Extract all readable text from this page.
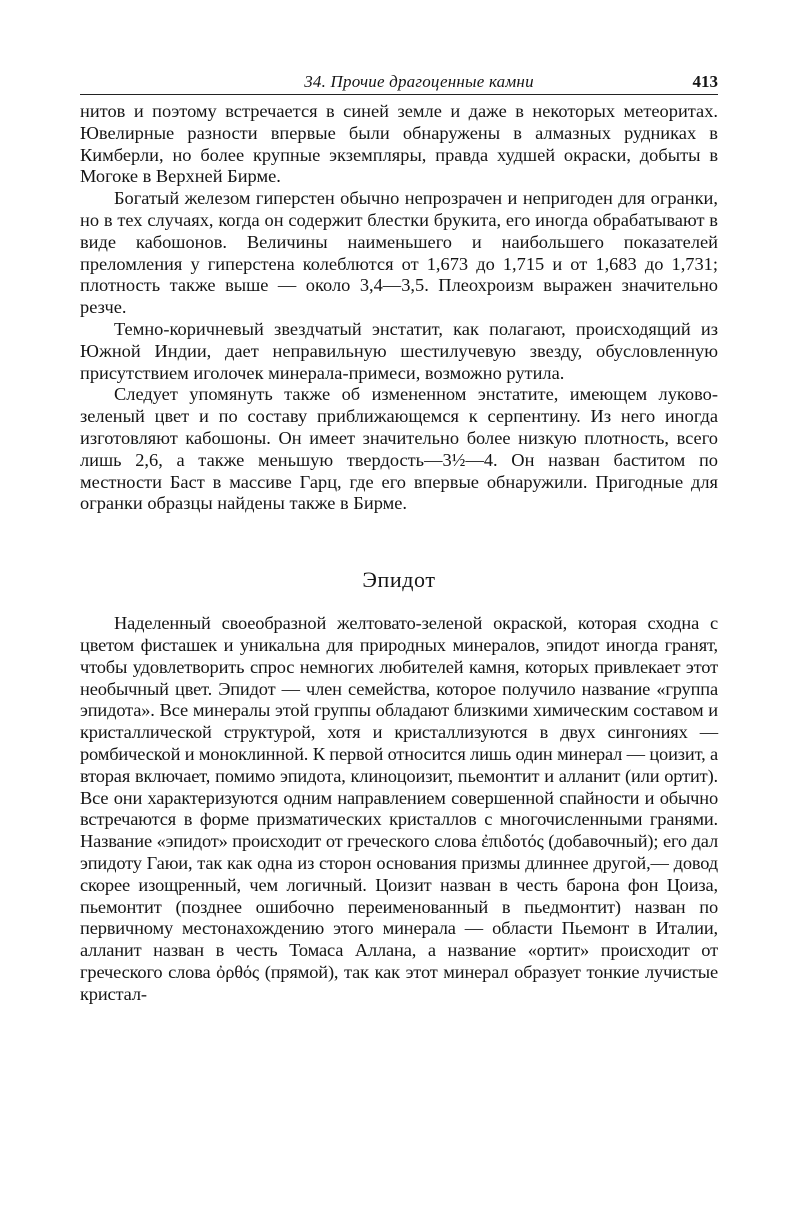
34. Прочие драгоценные камни	413

нитов и поэтому встречается в синей земле и даже в некоторых метеоритах. Ювелирные разности впервые были обнаружены в алмазных рудниках в Кимберли, но более крупные экземпляры, правда худшей окраски, добыты в Могоке в Верхней Бирме.

Богатый железом гиперстен обычно непрозрачен и непригоден для огранки, но в тех случаях, когда он содержит блестки брукита, его иногда обрабатывают в виде кабошонов. Величины наименьшего и наибольшего показателей преломления у гиперстена колеблются от 1,673 до 1,715 и от 1,683 до 1,731; плотность также выше — около 3,4—3,5. Плеохроизм выражен значительно резче.

Темно-коричневый звездчатый энстатит, как полагают, происходящий из Южной Индии, дает неправильную шестилучевую звезду, обусловленную присутствием иголочек минерала-примеси, возможно рутила.

Следует упомянуть также об измененном энстатите, имеющем луково-зеленый цвет и по составу приближающемся к серпентину. Из него иногда изготовляют кабошоны. Он имеет значительно более низкую плотность, всего лишь 2,6, а также меньшую твердость—3½—4. Он назван баститом по местности Баст в массиве Гарц, где его впервые обнаружили. Пригодные для огранки образцы найдены также в Бирме.

Эпидот

Наделенный своеобразной желтовато-зеленой окраской, которая сходна с цветом фисташек и уникальна для природных минералов, эпидот иногда гранят, чтобы удовлетворить спрос немногих любителей камня, которых привлекает этот необычный цвет. Эпидот — член семейства, которое получило название «группа эпидота». Все минералы этой группы обладают близкими химическим составом и кристаллической структурой, хотя и кристаллизуются в двух сингониях — ромбической и моноклинной. К первой относится лишь один минерал — цоизит, а вторая включает, помимо эпидота, клиноцоизит, пьемонтит и алланит (или ортит). Все они характеризуются одним направлением совершенной спайности и обычно встречаются в форме призматических кристаллов с многочисленными гранями. Название «эпидот» происходит от греческого слова ἐπιδοτός (добавочный); его дал эпидоту Гаюи, так как одна из сторон основания призмы длиннее другой,— довод скорее изощренный, чем логичный. Цоизит назван в честь барона фон Цоиза, пьемонтит (позднее ошибочно переименованный в пьедмонтит) назван по первичному местонахождению этого минерала — области Пьемонт в Италии, алланит назван в честь Томаса Аллана, а название «ортит» происходит от греческого слова ὀρθός (прямой), так как этот минерал образует тонкие лучистые кристал-
